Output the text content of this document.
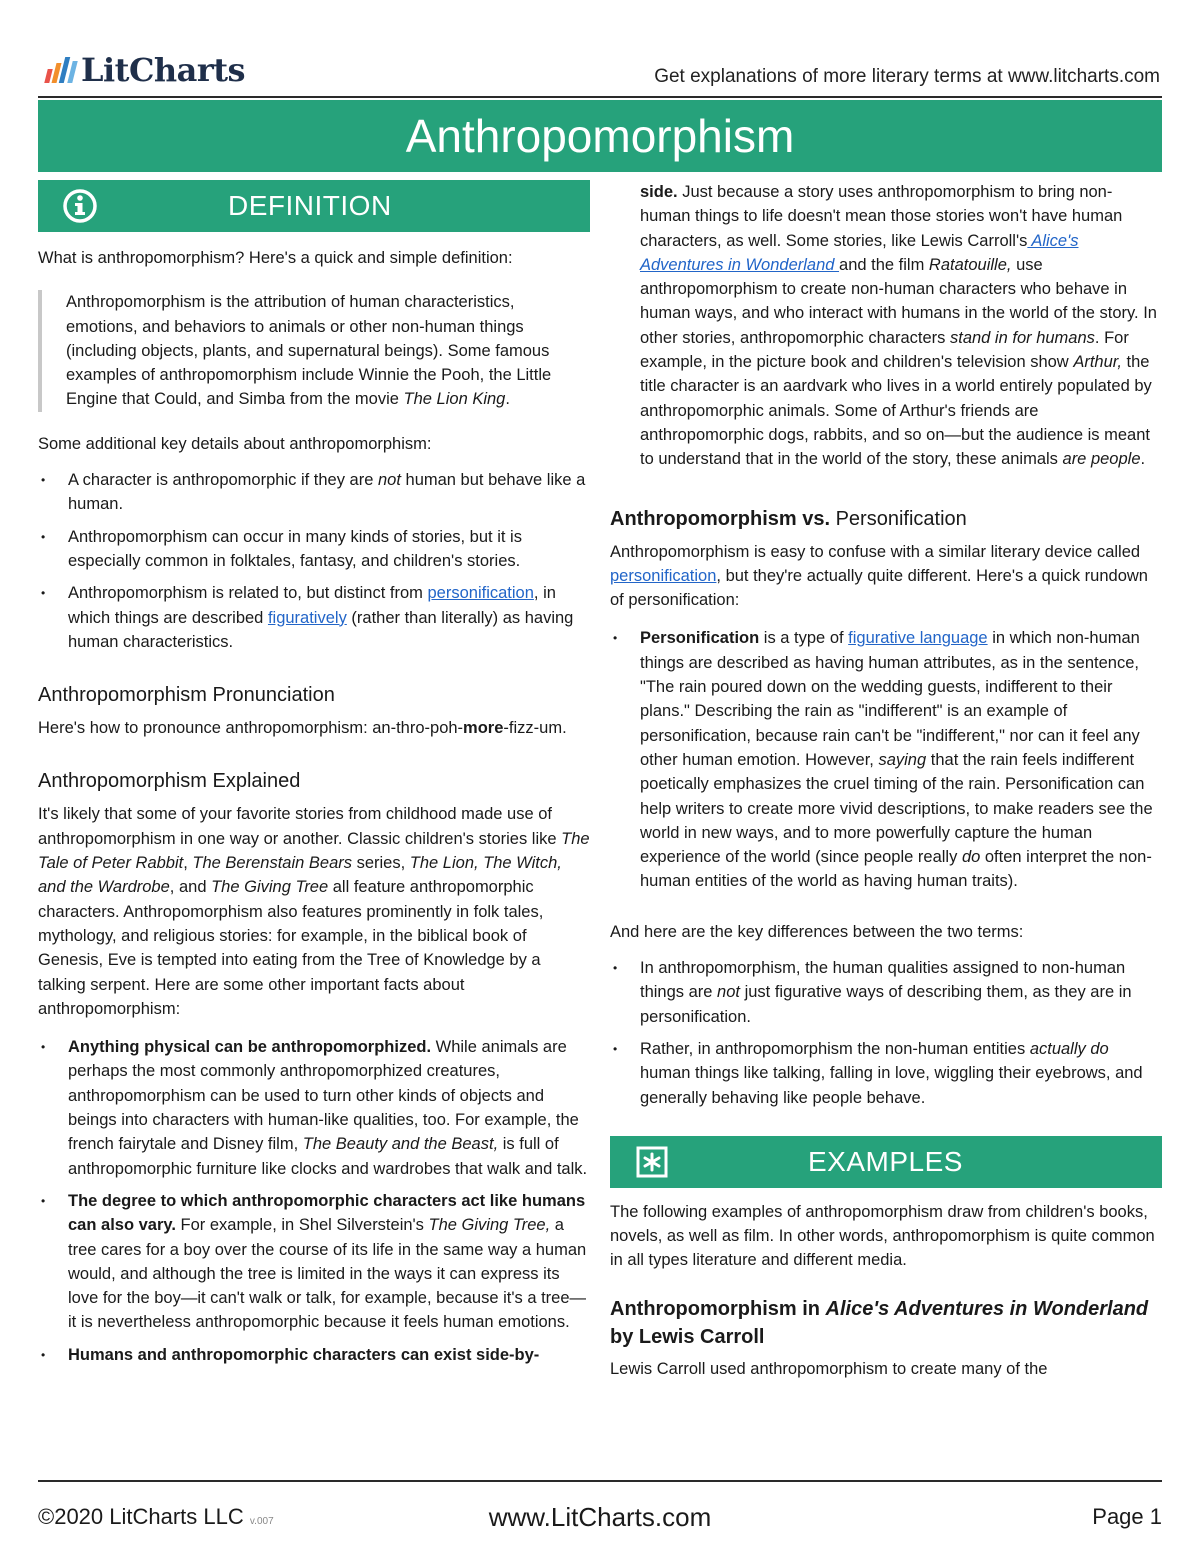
LitCharts	Get explanations of more literary terms at www.litcharts.com
Anthropomorphism
DEFINITION

What is anthropomorphism? Here's a quick and simple definition:

Anthropomorphism is the attribution of human characteristics, emotions, and behaviors to animals or other non-human things (including objects, plants, and supernatural beings). Some famous examples of anthropomorphism include Winnie the Pooh, the Little Engine that Could, and Simba from the movie The Lion King.

Some additional key details about anthropomorphism:

• A character is anthropomorphic if they are not human but behave like a human.
• Anthropomorphism can occur in many kinds of stories, but it is especially common in folktales, fantasy, and children's stories.
• Anthropomorphism is related to, but distinct from personification, in which things are described figuratively (rather than literally) as having human characteristics.
Anthropomorphism Pronunciation

Here's how to pronounce anthropomorphism: an-thro-poh-more-fizz-um.

Anthropomorphism Explained

It's likely that some of your favorite stories from childhood made use of anthropomorphism in one way or another. Classic children's stories like The Tale of Peter Rabbit, The Berenstain Bears series, The Lion, The Witch, and the Wardrobe, and The Giving Tree all feature anthropomorphic characters. Anthropomorphism also features prominently in folk tales, mythology, and religious stories: for example, in the biblical book of Genesis, Eve is tempted into eating from the Tree of Knowledge by a talking serpent. Here are some other important facts about anthropomorphism:

• Anything physical can be anthropomorphized. While animals are perhaps the most commonly anthropomorphized creatures, anthropomorphism can be used to turn other kinds of objects and beings into characters with human-like qualities, too. For example, the french fairytale and Disney film, The Beauty and the Beast, is full of anthropomorphic furniture like clocks and wardrobes that walk and talk.
• The degree to which anthropomorphic characters act like humans can also vary. For example, in Shel Silverstein's The Giving Tree, a tree cares for a boy over the course of its life in the same way a human would, and although the tree is limited in the ways it can express its love for the boy—it can't walk or talk, for example, because it's a tree—it is nevertheless anthropomorphic because it feels human emotions.
• Humans and anthropomorphic characters can exist side-by-
side. Just because a story uses anthropomorphism to bring non-human things to life doesn't mean those stories won't have human characters, as well. Some stories, like Lewis Carroll's Alice's Adventures in Wonderland and the film Ratatouille, use anthropomorphism to create non-human characters who behave in human ways, and who interact with humans in the world of the story. In other stories, anthropomorphic characters stand in for humans. For example, in the picture book and children's television show Arthur, the title character is an aardvark who lives in a world entirely populated by anthropomorphic animals. Some of Arthur's friends are anthropomorphic dogs, rabbits, and so on—but the audience is meant to understand that in the world of the story, these animals are people.
Anthropomorphism vs. Personification

Anthropomorphism is easy to confuse with a similar literary device called personification, but they're actually quite different. Here's a quick rundown of personification:

• Personification is a type of figurative language in which non-human things are described as having human attributes, as in the sentence, "The rain poured down on the wedding guests, indifferent to their plans." Describing the rain as "indifferent" is an example of personification, because rain can't be "indifferent," nor can it feel any other human emotion. However, saying that the rain feels indifferent poetically emphasizes the cruel timing of the rain. Personification can help writers to create more vivid descriptions, to make readers see the world in new ways, and to more powerfully capture the human experience of the world (since people really do often interpret the non-human entities of the world as having human traits).

And here are the key differences between the two terms:

• In anthropomorphism, the human qualities assigned to non-human things are not just figurative ways of describing them, as they are in personification.
• Rather, in anthropomorphism the non-human entities actually do human things like talking, falling in love, wiggling their eyebrows, and generally behaving like people behave.
EXAMPLES

The following examples of anthropomorphism draw from children's books, novels, as well as film. In other words, anthropomorphism is quite common in all types literature and different media.

Anthropomorphism in Alice's Adventures in Wonderland by Lewis Carroll

Lewis Carroll used anthropomorphism to create many of the

©2020 LitCharts LLC v.007	www.LitCharts.com	Page 1
